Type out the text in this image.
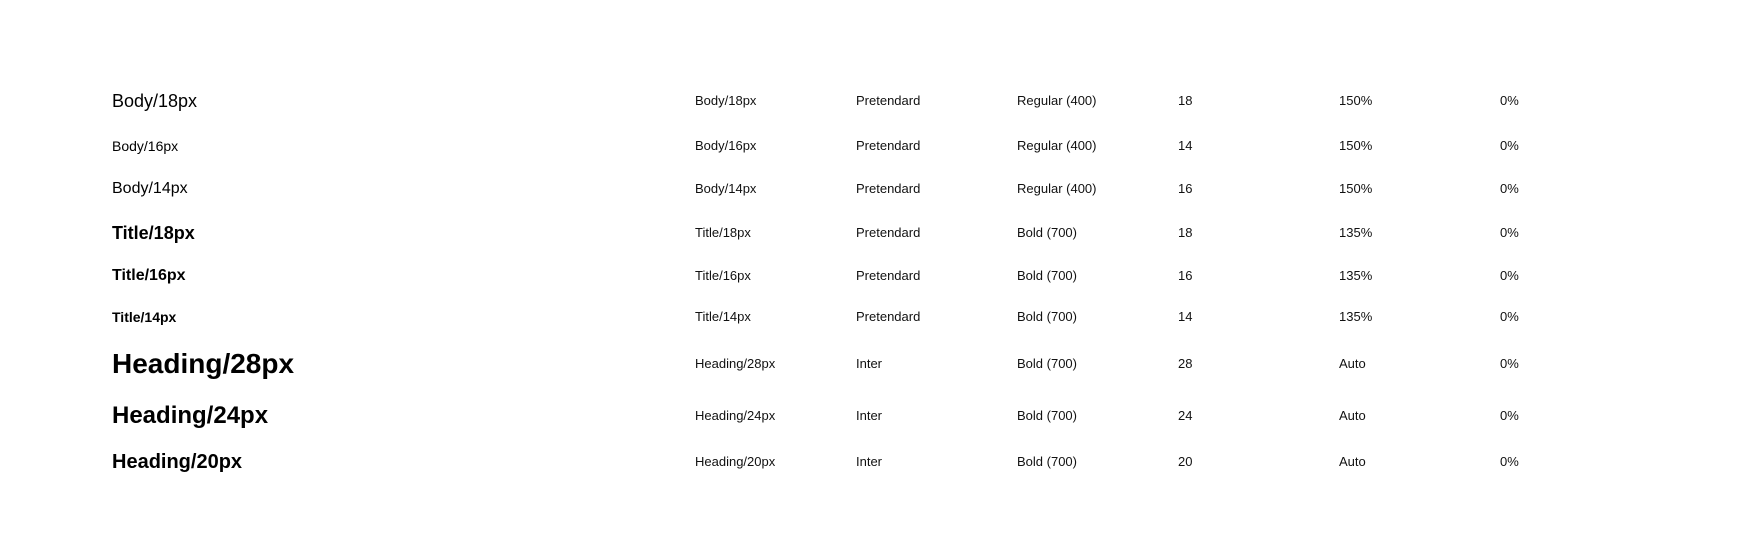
Body/18px	Body/18px	Pretendard	Regular (400)	18	150%	0%
Body/16px	Body/16px	Pretendard	Regular (400)	14	150%	0%
Body/14px	Body/14px	Pretendard	Regular (400)	16	150%	0%
Title/18px	Title/18px	Pretendard	Bold (700)	18	135%	0%
Title/16px	Title/16px	Pretendard	Bold (700)	16	135%	0%
Title/14px	Title/14px	Pretendard	Bold (700)	14	135%	0%
Heading/28px	Heading/28px	Inter	Bold (700)	28	Auto	0%
Heading/24px	Heading/24px	Inter	Bold (700)	24	Auto	0%
Heading/20px	Heading/20px	Inter	Bold (700)	20	Auto	0%
